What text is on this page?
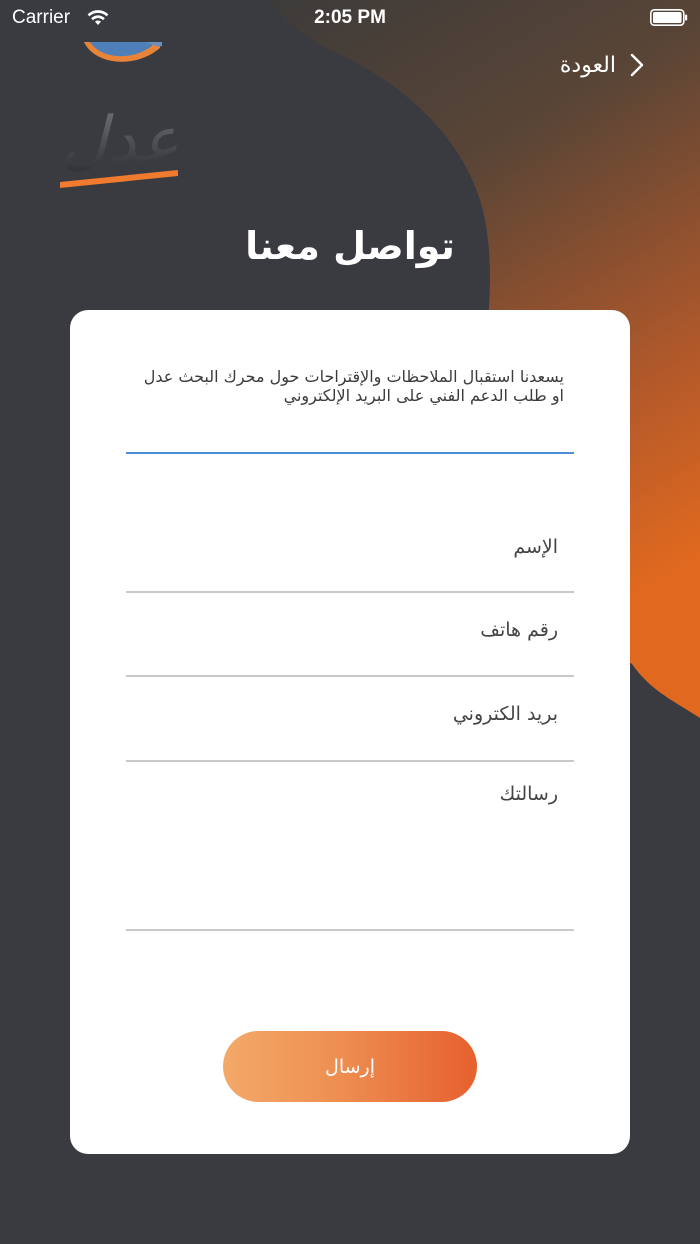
Carrier	2:05 PM
العودة
عدل
تواصل معنا
يسعدنا استقبال الملاحظات والإقتراحات حول محرك البحث عدل او طلب الدعم الفني على البريد الإلكتروني
الإسم
رقم هاتف
بريد الكتروني
رسالتك
إرسال
